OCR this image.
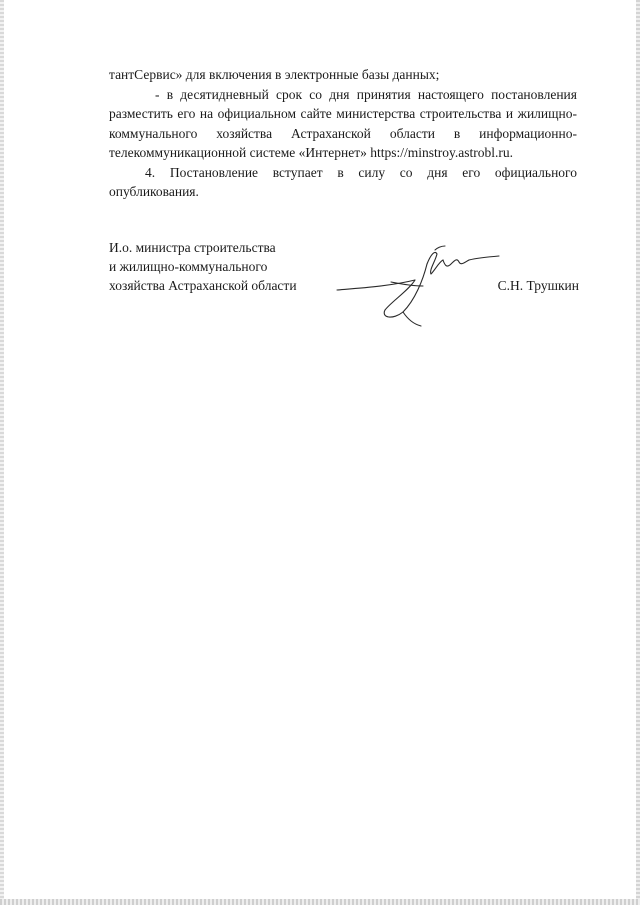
тантСервис» для включения в электронные базы данных;

- в десятидневный срок со дня принятия настоящего постановления разместить его на официальном сайте министерства строительства и жилищно-коммунального хозяйства Астраханской области в информационно-телекоммуникационной системе «Интернет» https://minstroy.astrobl.ru.

4. Постановление вступает в силу со дня его официального опубликования.

И.о. министра строительства
и жилищно-коммунального
хозяйства Астраханской области	С.Н. Трушкин
